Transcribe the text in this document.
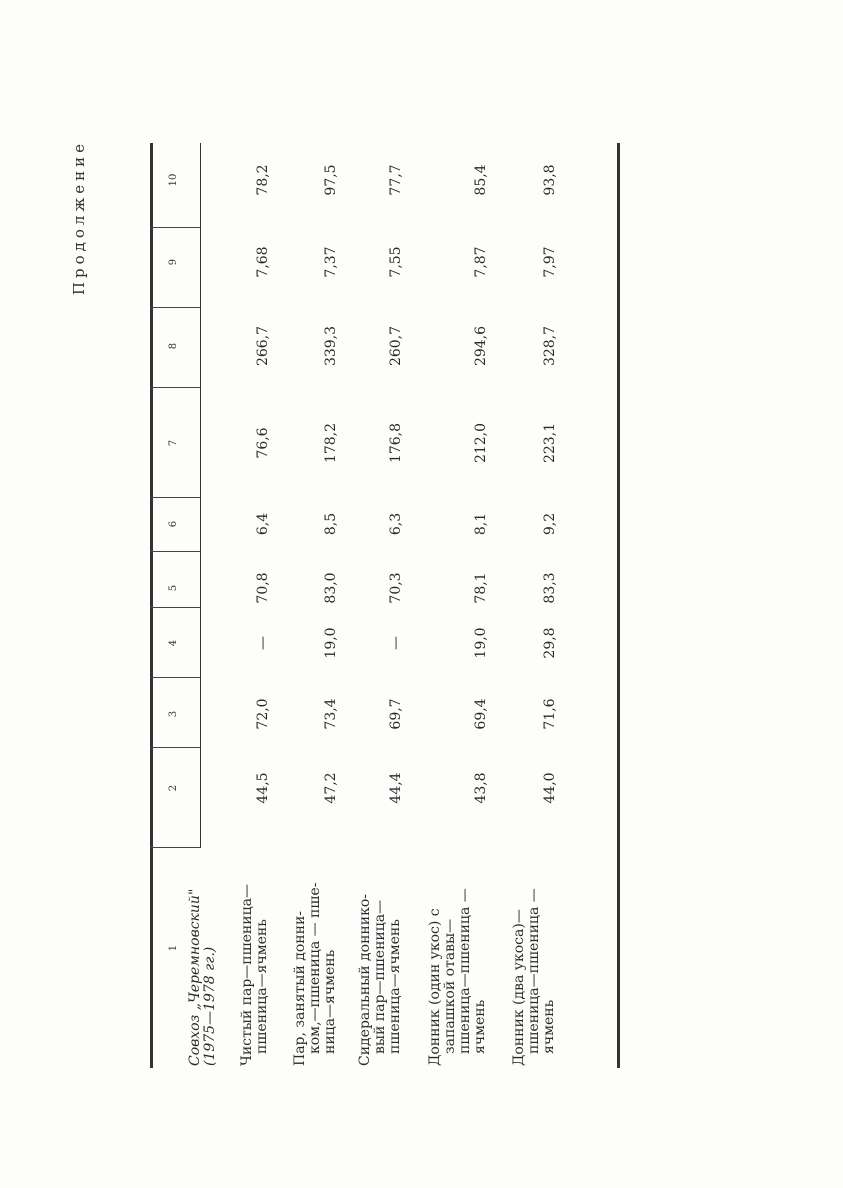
Продолжение
1
2
3
4
5
6
7
8
9
10
Совхоз „Черемновский" (1975—1978 гг.) Чистый пар—пшеница— пшеница—ячмень
44,5
72,0
—
70,8
6,4
76,6
266,7
7,68
78,2
Пар, занятый донни- ком,—пшеница — пше- ница—ячмень
47,2
73,4
19,0
83,0
8,5
178,2
339,3
7,37
97,5
Сидеральный доннико- вый пар—пшеница— пшеница—ячмень
44,4
69,7
—
70,3
6,3
176,8
260,7
7,55
77,7
Донник (один укос) с запашкой отавы— пшеница—пшеница — ячмень
43,8
69,4
19,0
78,1
8,1
212,0
294,6
7,87
85,4
Донник (два укоса)— пшеница—пшеница — ячмень
44,0
71,6
29,8
83,3
9,2
223,1
328,7
7,97
93,8
